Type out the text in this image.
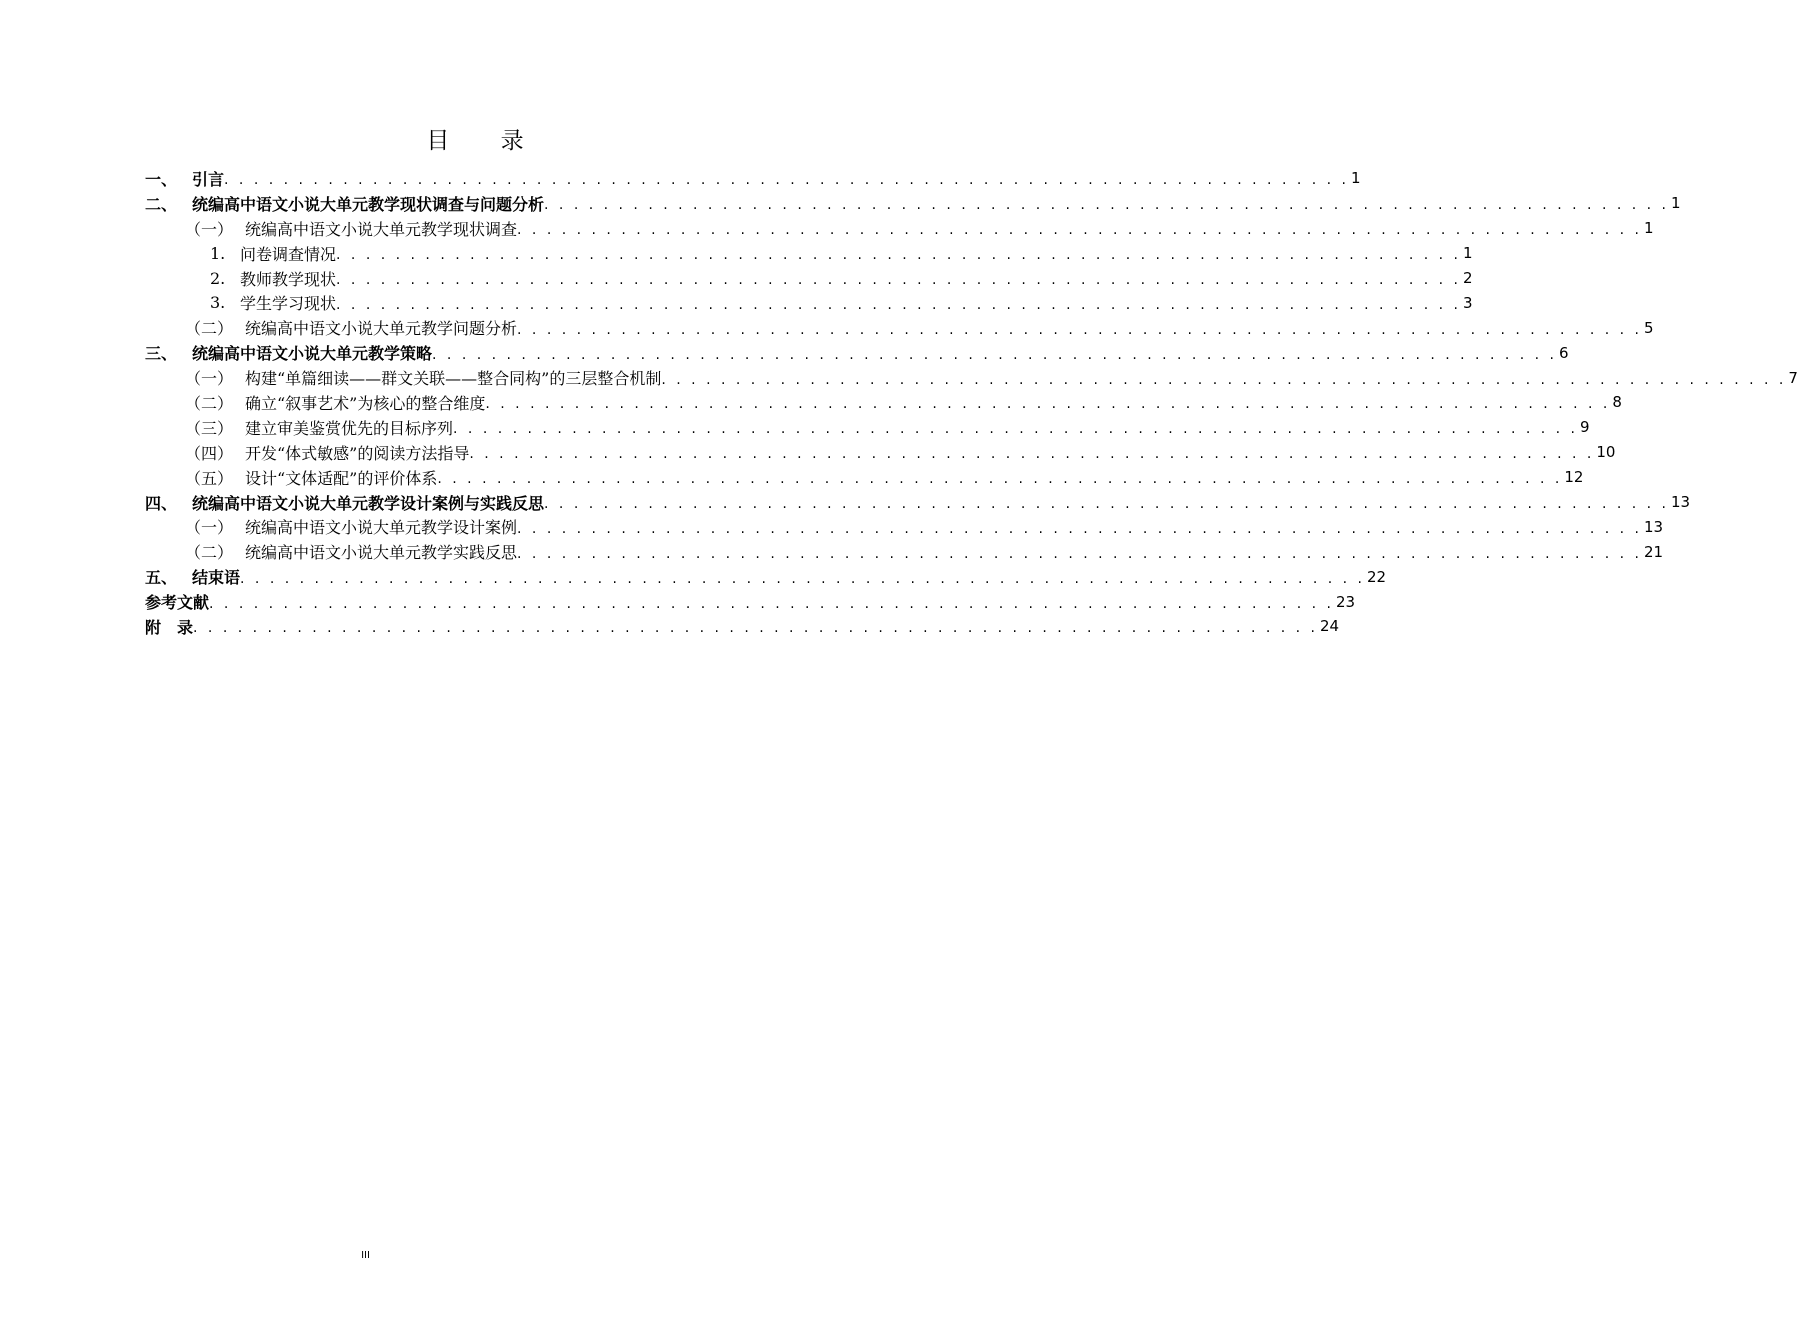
目 录
一、 引言 . . . . . . . . . . . . . . . . . . . . . . . . . . . . . . . . . . . . . . . . . . . . . . . . . . . . . . . . . . . . . . . . . . . . . . . . . . . . 1
二、 统编高中语文小说大单元教学现状调查与问题分析 . . . . . . . . . . . . . . . . . . . . . . . . . . . . . . . . . . . . . . . . . . . . . . . . . . . . . . . . . . . . . . . . . . . . . . . . . . . . 1
（一） 统编高中语文小说大单元教学现状调查 . . . . . . . . . . . . . . . . . . . . . . . . . . . . . . . . . . . . . . . . . . . . . . . . . . . . . . . . . . . . . . . . . . . . . . . . . . . . 1
1. 问卷调查情况 . . . . . . . . . . . . . . . . . . . . . . . . . . . . . . . . . . . . . . . . . . . . . . . . . . . . . . . . . . . . . . . . . . . . . . . . . . . . 1
2. 教师教学现状 . . . . . . . . . . . . . . . . . . . . . . . . . . . . . . . . . . . . . . . . . . . . . . . . . . . . . . . . . . . . . . . . . . . . . . . . . . . . 2
3. 学生学习现状 . . . . . . . . . . . . . . . . . . . . . . . . . . . . . . . . . . . . . . . . . . . . . . . . . . . . . . . . . . . . . . . . . . . . . . . . . . . . 3
（二） 统编高中语文小说大单元教学问题分析 . . . . . . . . . . . . . . . . . . . . . . . . . . . . . . . . . . . . . . . . . . . . . . . . . . . . . . . . . . . . . . . . . . . . . . . . . . . . 5
三、 统编高中语文小说大单元教学策略 . . . . . . . . . . . . . . . . . . . . . . . . . . . . . . . . . . . . . . . . . . . . . . . . . . . . . . . . . . . . . . . . . . . . . . . . . . . . 6
（一） 构建“单篇细读——群文关联——整合同构”的三层整合机制 . . . . . . . . . . . . . . . . . . . . . . . . . . . . . . . . . . . . . . . . . . . . . . . . . . . . . . . . . . . . . . . . . . . . . . . . . . . . 7
（二） 确立“叙事艺术”为核心的整合维度 . . . . . . . . . . . . . . . . . . . . . . . . . . . . . . . . . . . . . . . . . . . . . . . . . . . . . . . . . . . . . . . . . . . . . . . . . . . . 8
（三） 建立审美鉴赏优先的目标序列 . . . . . . . . . . . . . . . . . . . . . . . . . . . . . . . . . . . . . . . . . . . . . . . . . . . . . . . . . . . . . . . . . . . . . . . . . . . . 9
（四） 开发“体式敏感”的阅读方法指导 . . . . . . . . . . . . . . . . . . . . . . . . . . . . . . . . . . . . . . . . . . . . . . . . . . . . . . . . . . . . . . . . . . . . . . . . . . . . 10
（五） 设计“文体适配”的评价体系 . . . . . . . . . . . . . . . . . . . . . . . . . . . . . . . . . . . . . . . . . . . . . . . . . . . . . . . . . . . . . . . . . . . . . . . . . . . . 12
四、 统编高中语文小说大单元教学设计案例与实践反思 . . . . . . . . . . . . . . . . . . . . . . . . . . . . . . . . . . . . . . . . . . . . . . . . . . . . . . . . . . . . . . . . . . . . . . . . . . . . 13
（一） 统编高中语文小说大单元教学设计案例 . . . . . . . . . . . . . . . . . . . . . . . . . . . . . . . . . . . . . . . . . . . . . . . . . . . . . . . . . . . . . . . . . . . . . . . . . . . . 13
（二） 统编高中语文小说大单元教学实践反思 . . . . . . . . . . . . . . . . . . . . . . . . . . . . . . . . . . . . . . . . . . . . . . . . . . . . . . . . . . . . . . . . . . . . . . . . . . . . 21
五、 结束语 . . . . . . . . . . . . . . . . . . . . . . . . . . . . . . . . . . . . . . . . . . . . . . . . . . . . . . . . . . . . . . . . . . . . . . . . . . . . 22
参考文献 . . . . . . . . . . . . . . . . . . . . . . . . . . . . . . . . . . . . . . . . . . . . . . . . . . . . . . . . . . . . . . . . . . . . . . . . . . . . 23
附　录 . . . . . . . . . . . . . . . . . . . . . . . . . . . . . . . . . . . . . . . . . . . . . . . . . . . . . . . . . . . . . . . . . . . . . . . . . . . . 24
III
